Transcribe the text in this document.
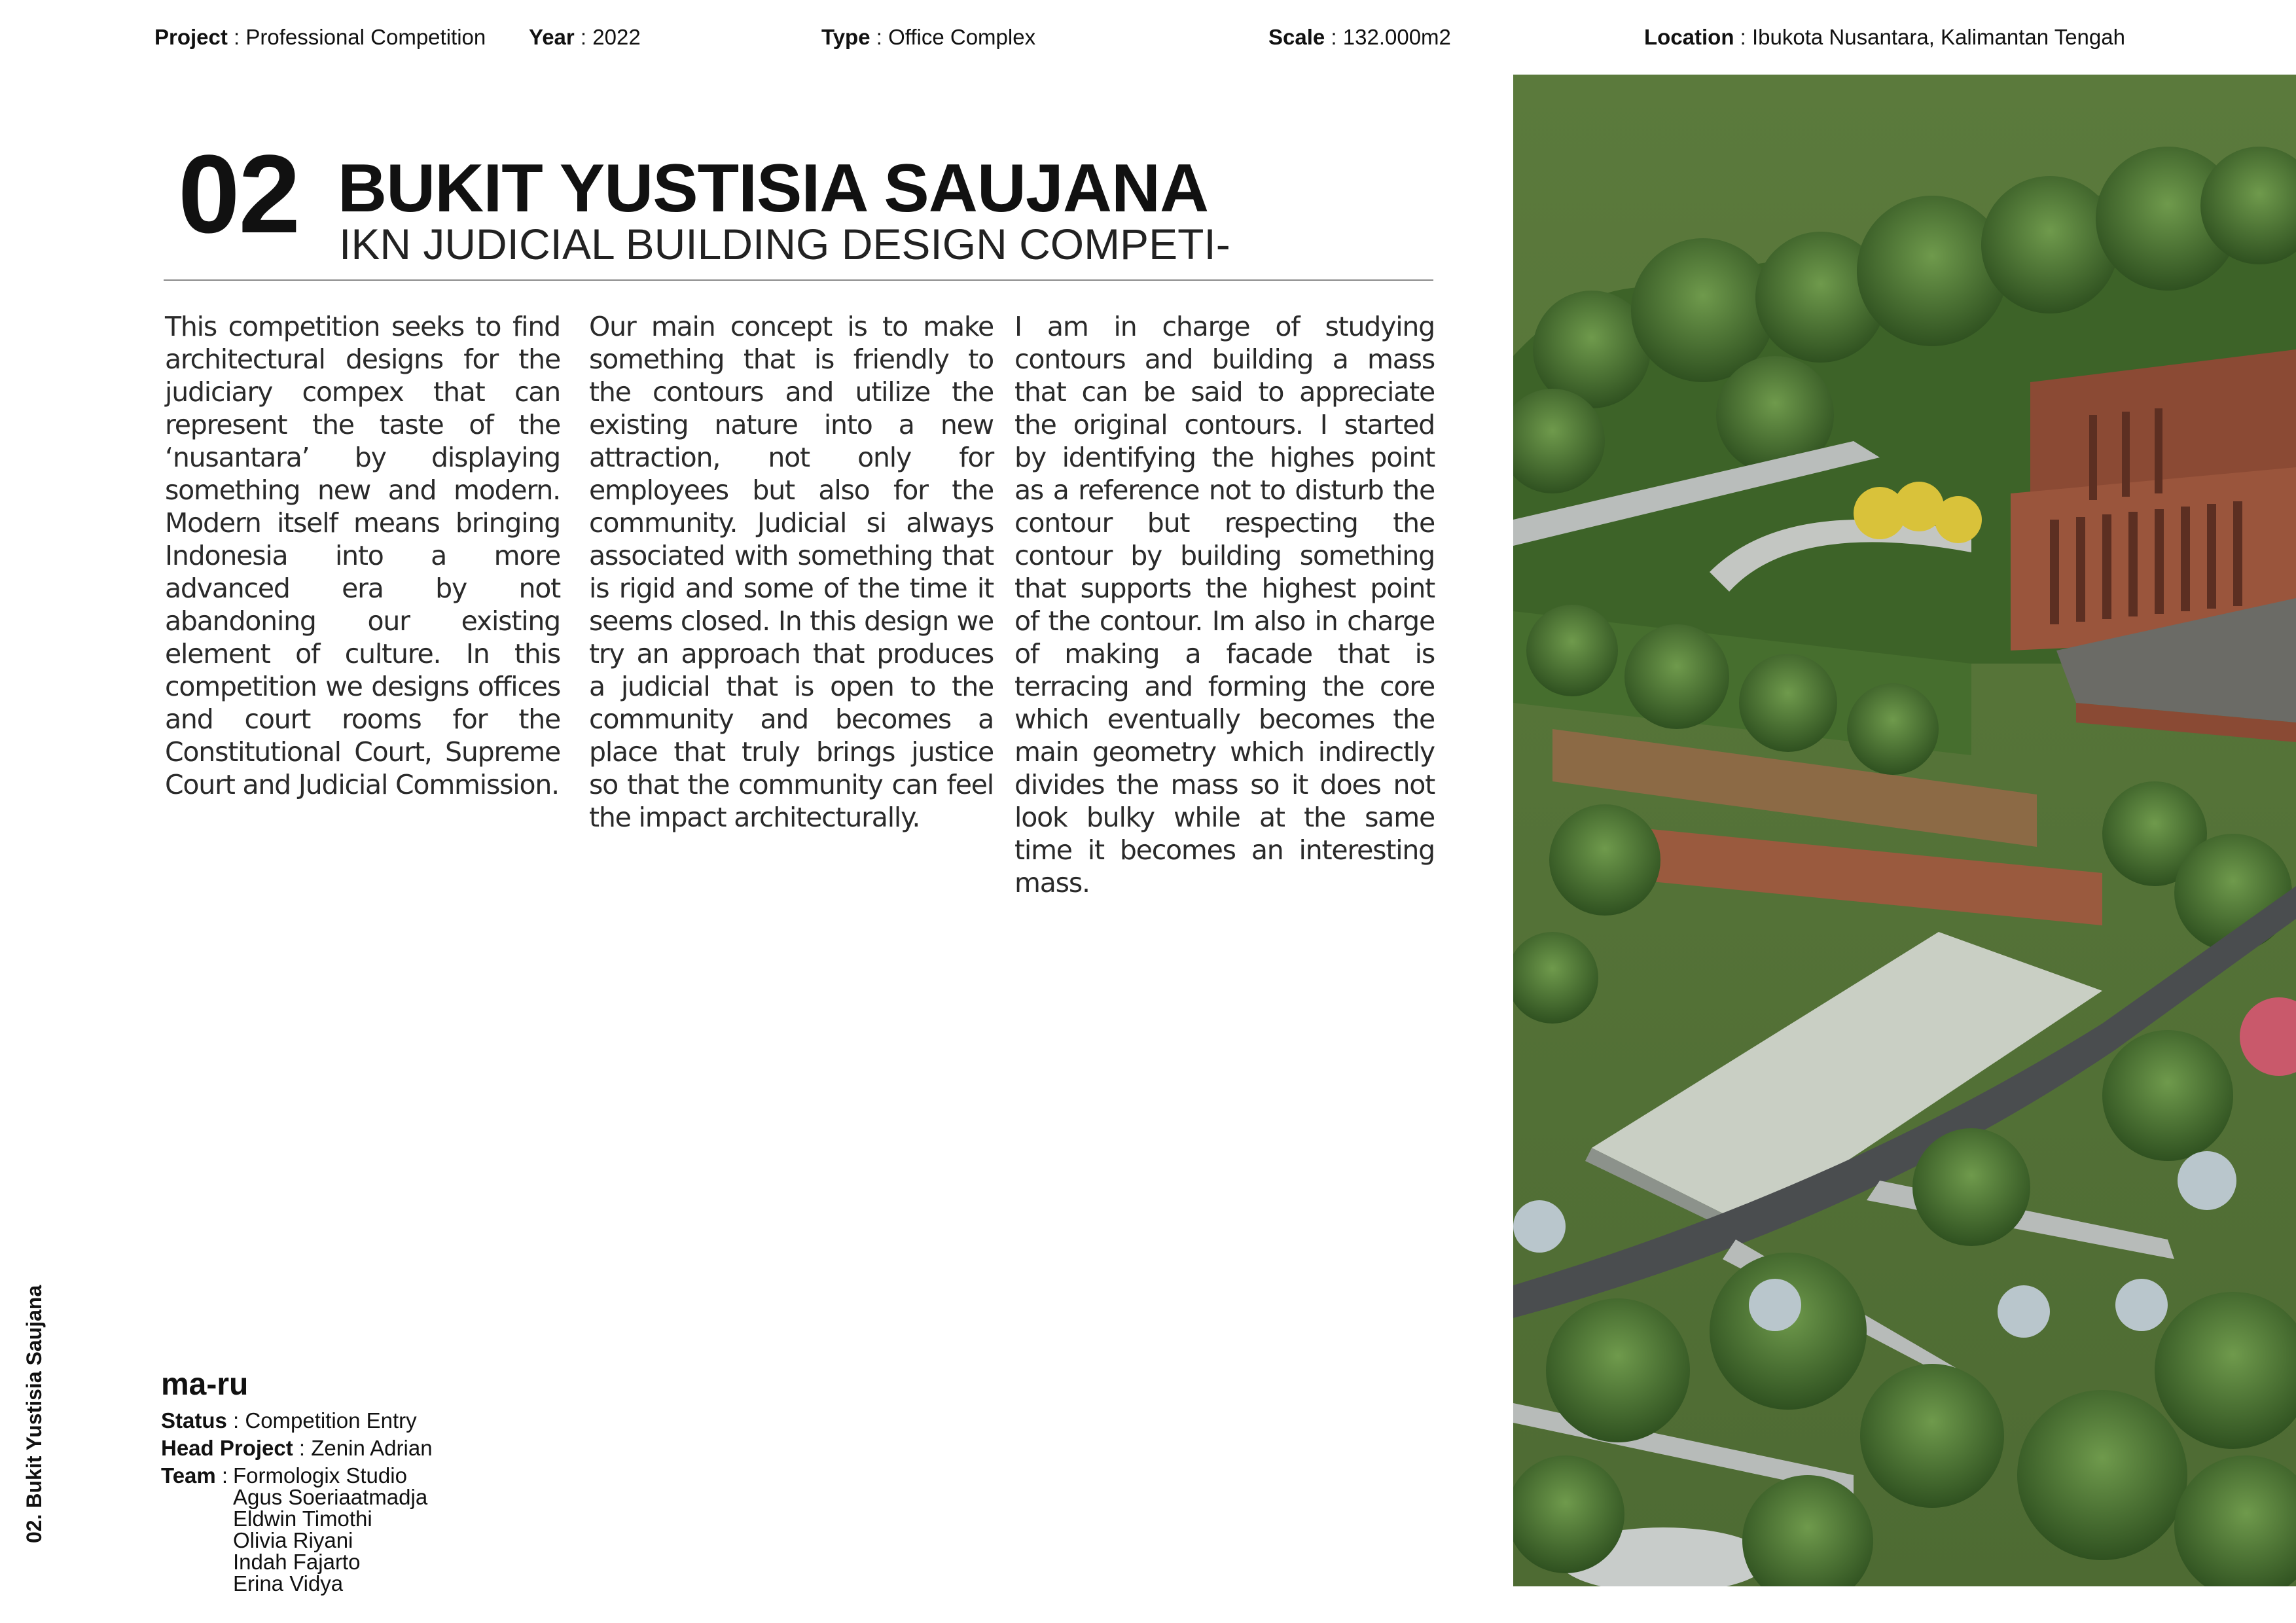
Project : Professional Competition Year : 2022	Type : Office Complex	Scale : 132.000m2	Location : Ibukota Nusantara, Kalimantan Tengah
02 BUKIT YUSTISIA SAUJANA
IKN JUDICIAL BUILDING DESIGN COMPETI-
This competition seeks to find architectural designs for the judiciary compex that can represent the taste of the ‘nusantara’ by displaying something new and modern. Modern itself means bringing Indonesia into a more advanced era by not abandoning our existing element of culture. In this competition we designs offices and court rooms for the Constitutional Court, Supreme Court and Judicial Commission.
Our main concept is to make something that is friendly to the contours and utilize the existing nature into a new attraction, not only for employees but also for the community. Judicial si always associated with something that is rigid and some of the time it seems closed. In this design we try an approach that produces a judicial that is open to the community and becomes a place that truly brings justice so that the community can feel the impact architecturally.
I am in charge of studying contours and building a mass that can be said to appreciate the original contours. I started by identifying the highes point as a reference not to disturb the contour but respecting the contour by building something that supports the highest point of the contour. Im also in charge of making a facade that is terracing and forming the core which eventually becomes the main geometry which indirectly divides the mass so it does not look bulky while at the same time it becomes an interesting mass.
02. Bukit Yustisia Saujana	ma-ru
Status : Competition Entry
Head Project : Zenin Adrian
Team : Formologix Studio
Agus Soeriaatmadja
Eldwin Timothi
Olivia Riyani
Indah Fajarto
Erina Vidya
